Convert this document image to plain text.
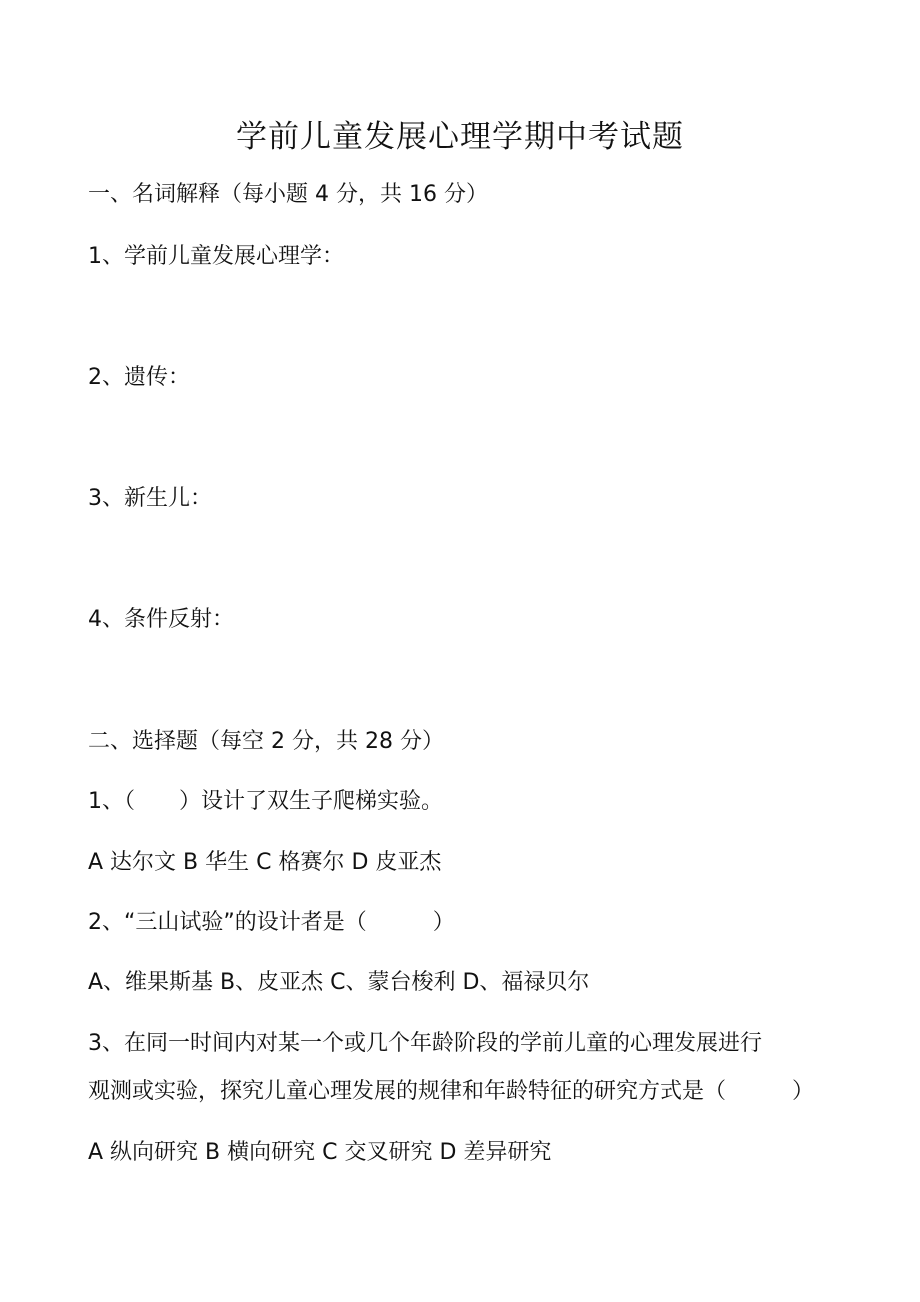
学前儿童发展心理学期中考试题
一、名词解释（每小题 4 分，共 16 分）
1、学前儿童发展心理学：
2、遗传：
3、新生儿：
4、条件反射：
二、选择题（每空 2 分，共 28 分）
1、（　　）设计了双生子爬梯实验。
A 达尔文 B 华生 C 格赛尔 D 皮亚杰
2、“三山试验”的设计者是（　　　）
A、维果斯基 B、皮亚杰 C、蒙台梭利 D、福禄贝尔
3、在同一时间内对某一个或几个年龄阶段的学前儿童的心理发展进行
观测或实验，探究儿童心理发展的规律和年龄特征的研究方式是（　　　）
A 纵向研究 B 横向研究 C 交叉研究 D 差异研究
